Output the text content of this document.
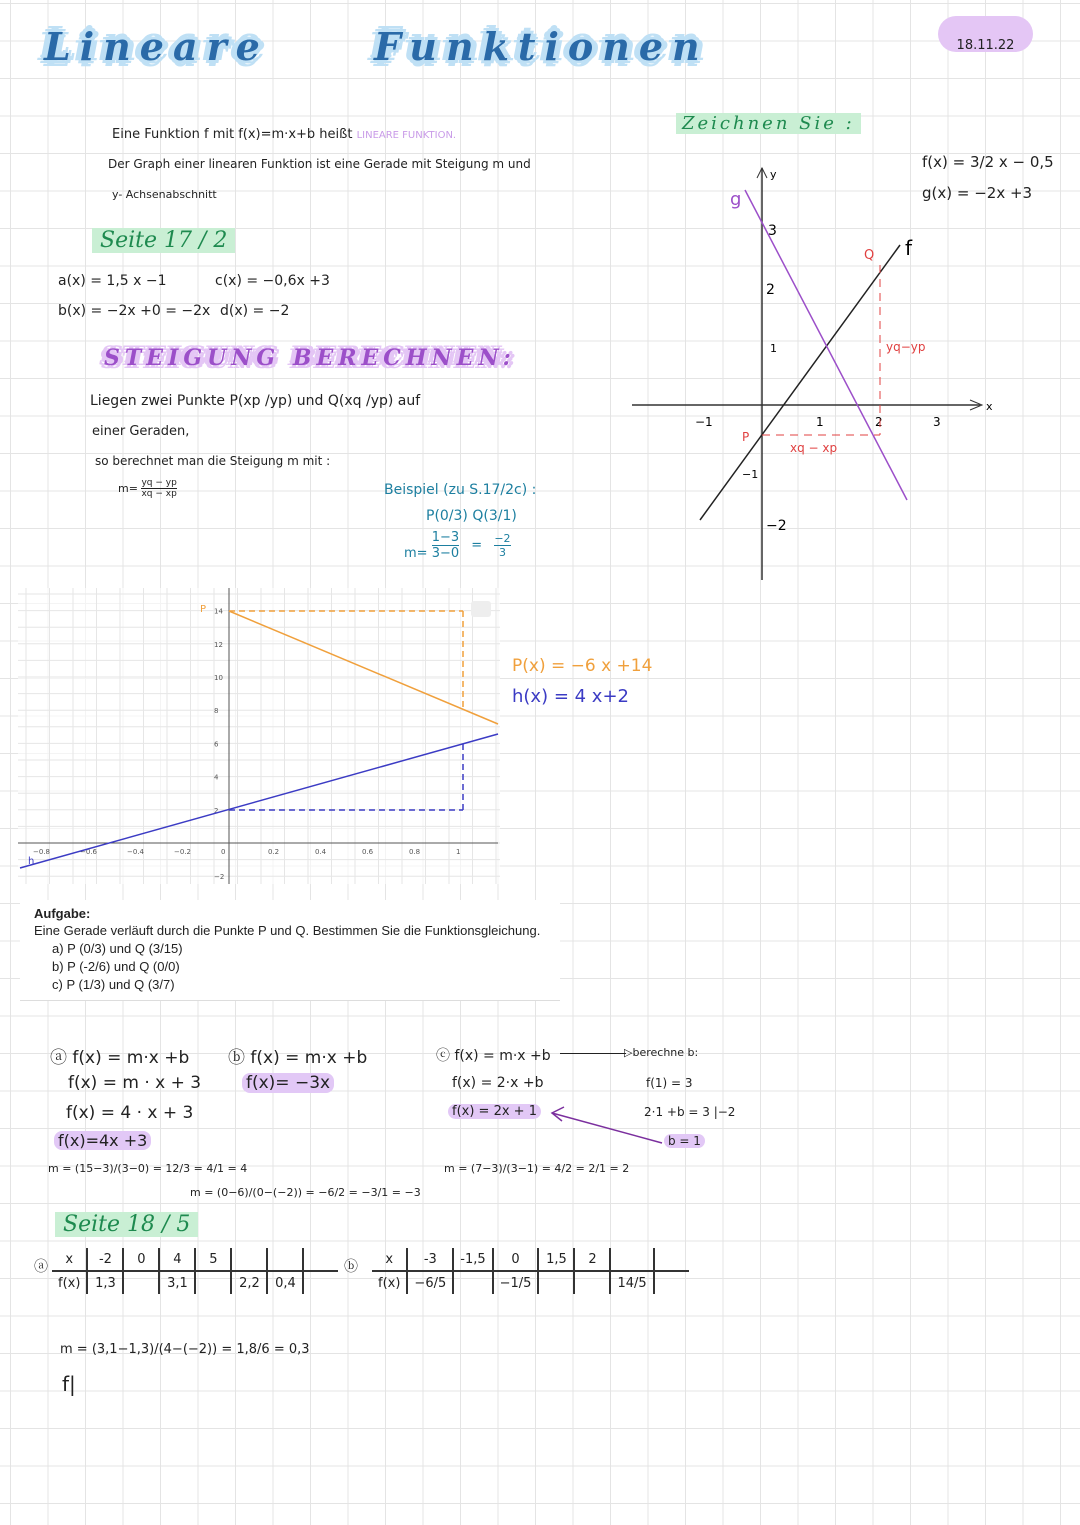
Lineare	Funktionen	18.11.22
Eine Funktion f mit f(x)=m·x+b heißt LINEARE FUNKTION.
Der Graph einer linearen Funktion ist eine Gerade mit Steigung m und
y- Achsenabschnitt
Seite 17 / 2
a(x) = 1,5 x −1
b(x) = −2x +0 = −2x
c(x) = −0,6x +3
d(x) = −2
STEIGUNG BERECHNEN:
Liegen zwei Punkte P(xp /yp) und Q(xq /yp) auf
einer Geraden,
so berechnet man die Steigung m mit :
$m= \frac{yq - yp}{xq - xp}$	Beispiel (zu S.17/2c) :
P(0/3) Q(3/1)
$m= \frac{1-3}{3-0} = \frac{-2}{3}$
Zeichnen Sie :
f(x) = 3/2 x − 0,5
g(x) = −2x +3
x
y
−1	1	2	3
3
2
1
−1
−2
f
g
Q
P
yq−yp
xq − xp
−0.8	−0.6	−0.4	−0.2	0	0.2	0.4	0.6	0.8	1
14
12
10
8
6
4
2
−2
P
h
P(x) = −6 x +14
h(x) = 4 x+2
Aufgabe:
Eine Gerade verläuft durch die Punkte P und Q. Bestimmen Sie die Funktionsgleichung.
a) P (0/3) und Q (3/15)
b) P (-2/6) und Q (0/0)
c) P (1/3) und Q (3/7)
ⓐ f(x) = m·x +b
f(x) = m · x + 3
f(x) = 4 · x + 3
f(x)=4x +3
m = (15−3)/(3−0) = 12/3 = 4/1 = 4
ⓑ f(x) = m·x +b
f(x)= −3x
m = (0−6)/(0−(−2)) = −6/2 = −3/1 = −3
ⓒ f(x) = m·x +b	▷berechne b:
f(x) = 2·x +b
f(x) = 2x + 1
f(1) = 3
2·1 +b = 3 |−2
b = 1
m = (7−3)/(3−1) = 4/2 = 2/1 = 2
Seite 18 / 5
ⓐ x	-2	0	4	5			
f(x)	1,3		3,1		2,2	0,4	
ⓑ x	-3	-1,5	0	1,5	2		
f(x)	−6/5		−1/5			14/5	
m = (3,1−1,3)/(4−(−2)) = 1,8/6 = 0,3
f|
